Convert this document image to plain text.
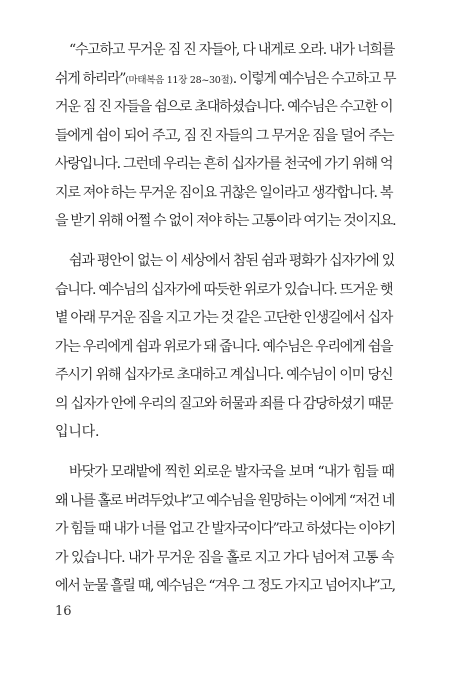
“수고하고 무거운 짐 진 자들아, 다 내게로 오라. 내가 너희를
쉬게 하리라”(마태복음 11장 28~30절). 이렇게 예수님은 수고하고 무
거운 짐 진 자들을 쉼으로 초대하셨습니다. 예수님은 수고한 이
들에게 쉼이 되어 주고, 짐 진 자들의 그 무거운 짐을 덜어 주는
사랑입니다. 그런데 우리는 흔히 십자가를 천국에 가기 위해 억
지로 져야 하는 무거운 짐이요 귀찮은 일이라고 생각합니다. 복
을 받기 위해 어쩔 수 없이 져야 하는 고통이라 여기는 것이지요.
쉼과 평안이 없는 이 세상에서 참된 쉼과 평화가 십자가에 있
습니다. 예수님의 십자가에 따듯한 위로가 있습니다. 뜨거운 햇
볕 아래 무거운 짐을 지고 가는 것 같은 고단한 인생길에서 십자
가는 우리에게 쉼과 위로가 돼 줍니다. 예수님은 우리에게 쉼을
주시기 위해 십자가로 초대하고 계십니다. 예수님이 이미 당신
의 십자가 안에 우리의 질고와 허물과 죄를 다 감당하셨기 때문
입니다.
바닷가 모래밭에 찍힌 외로운 발자국을 보며 “내가 힘들 때
왜 나를 홀로 버려두었냐”고 예수님을 원망하는 이에게 “저건 네
가 힘들 때 내가 너를 업고 간 발자국이다”라고 하셨다는 이야기
가 있습니다. 내가 무거운 짐을 홀로 지고 가다 넘어져 고통 속
에서 눈물 흘릴 때, 예수님은 “겨우 그 정도 가지고 넘어지냐”고,
16
